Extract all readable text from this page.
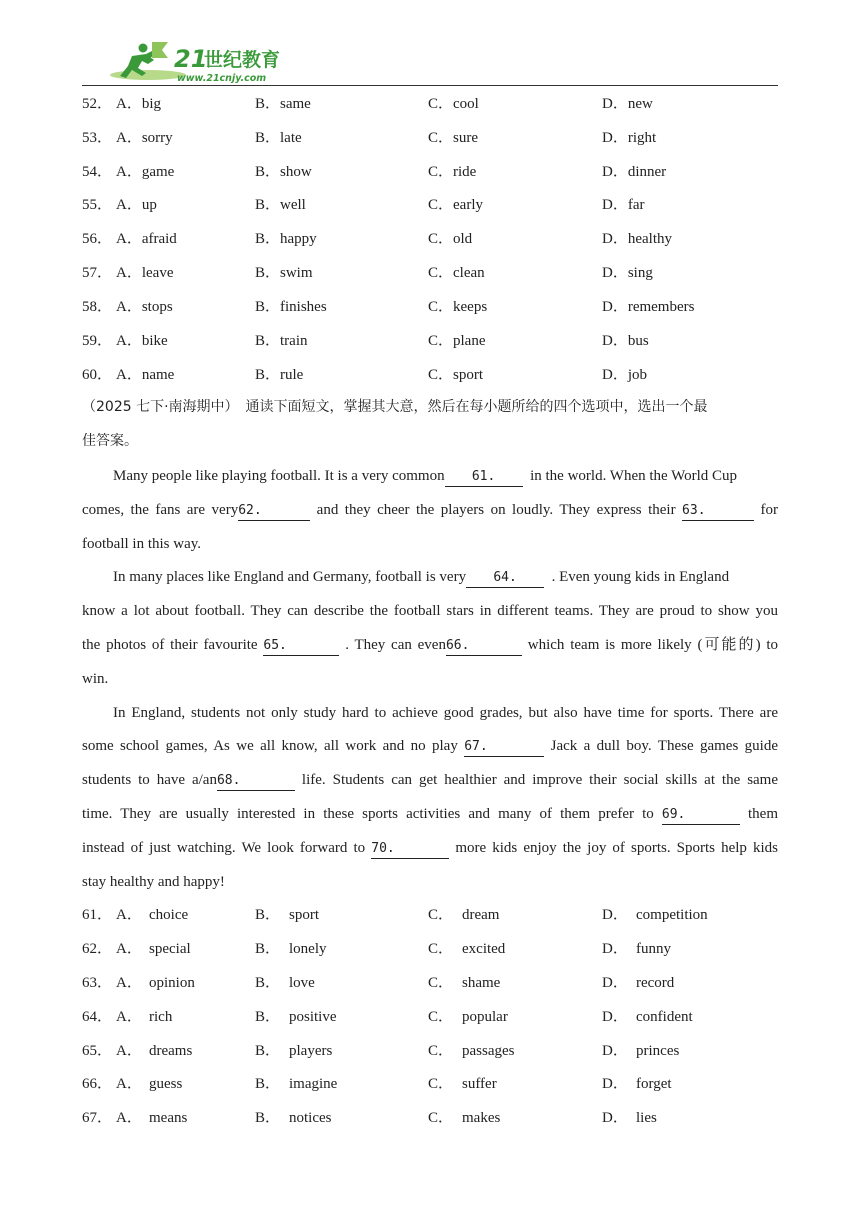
21
世纪教育
www.21cnjy.com
52． A．big	B．same	C．cool	D．new
53． A．sorry	B．late	C．sure	D．right
54． A．game	B．show	C．ride	D．dinner
55． A．up	B．well	C．early	D．far
56． A．afraid	B．happy	C．old	D．healthy
57． A．leave	B．swim	C．clean	D．sing
58． A．stops	B．finishes	C．keeps	D．remembers
59． A．bike	B．train	C．plane	D．bus
60． A．name	B．rule	C．sport	D．job
（2025 七下·南海期中）　通读下面短文，掌握其大意，然后在每小题所给的四个选项中，选出一个最
佳答案。
Many people like playing football. It is a very common 61. in the world. When the World Cup
comes, the fans are very62.	and they cheer the players on loudly. They express their 63.	for
football in this way.
In many places like England and Germany, football is very 64. . Even young kids in England
know a lot about football. They can describe the football stars in different teams. They are proud to show you
the photos of their favourite 65.	. They can even66.	which team is more likely (可能的) to
win.
In England, students not only study hard to achieve good grades, but also have time for sports. There are
some school games, As we all know, all work and no play 67.	Jack a dull boy. These games guide
students to have a/an68.	life. Students can get healthier and improve their social skills at the same
time. They are usually interested in these sports activities and many of them prefer to 69.	them
instead of just watching. We look forward to 70.	more kids enjoy the joy of sports. Sports help kids
stay healthy and happy!
61． A． choice	B． sport	C． dream	D． competition
62． A． special	B． lonely	C． excited	D． funny
63． A． opinion	B． love	C． shame	D． record
64． A． rich	B． positive	C． popular	D． confident
65． A． dreams	B． players	C． passages	D． princes
66． A． guess	B． imagine	C． suffer	D． forget
67． A． means	B． notices	C． makes	D． lies
